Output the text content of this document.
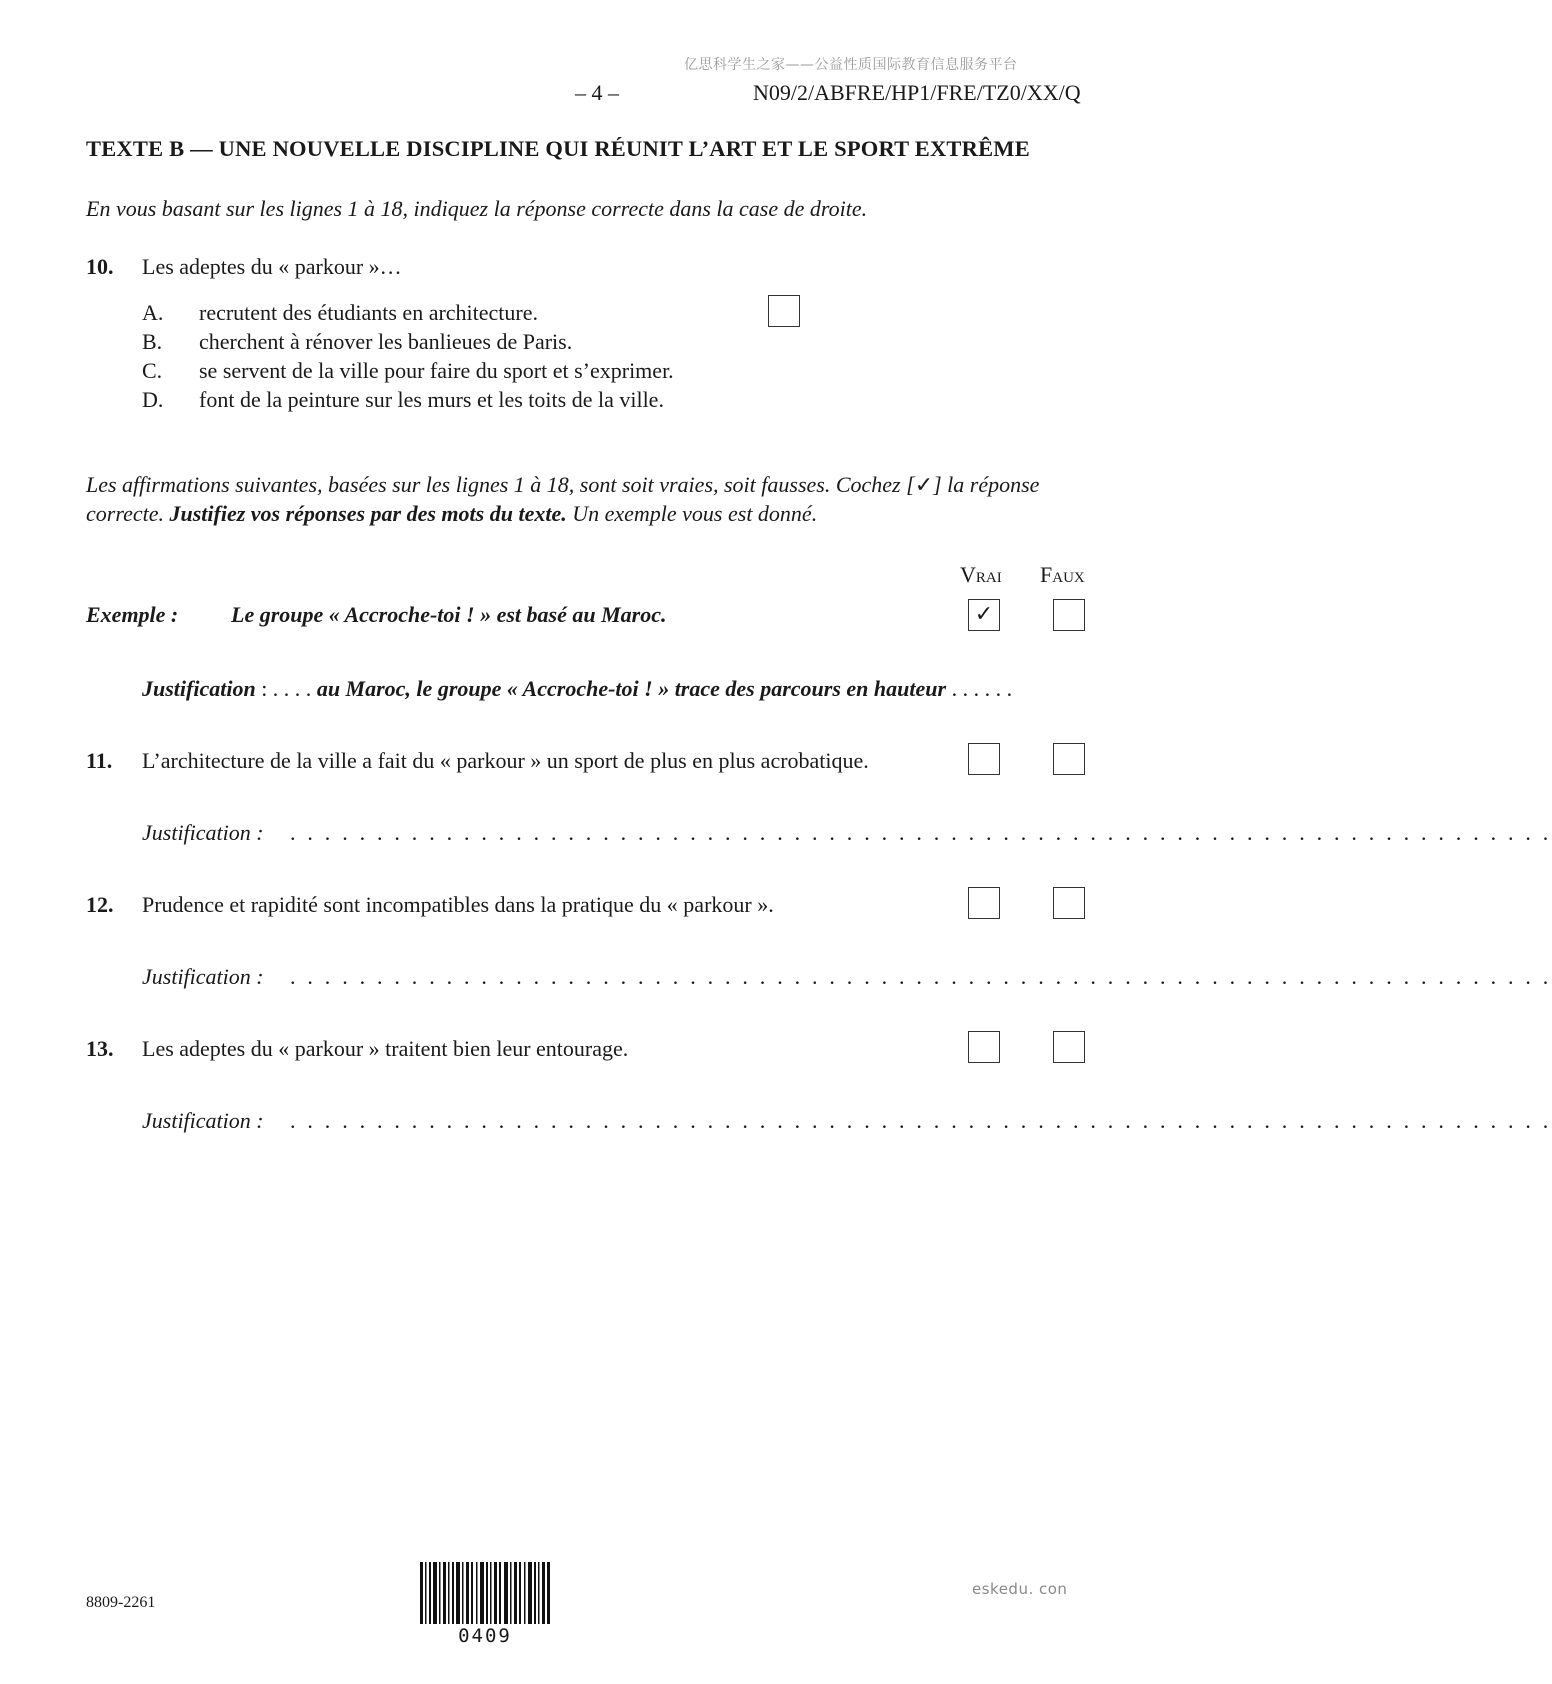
亿思科学生之家——公益性质国际教育信息服务平台
– 4 –	N09/2/ABFRE/HP1/FRE/TZ0/XX/Q
TEXTE B — UNE NOUVELLE DISCIPLINE QUI RÉUNIT L’ART ET LE SPORT EXTRÊME
En vous basant sur les lignes 1 à 18, indiquez la réponse correcte dans la case de droite.
10. Les adeptes du « parkour »…
A. recrutent des étudiants en architecture.
B. cherchent à rénover les banlieues de Paris.
C. se servent de la ville pour faire du sport et s’exprimer.
D. font de la peinture sur les murs et les toits de la ville.
Les affirmations suivantes, basées sur les lignes 1 à 18, sont soit vraies, soit fausses. Cochez [✓] la réponse correcte. Justifiez vos réponses par des mots du texte. Un exemple vous est donné.
Vrai Faux
Exemple : Le groupe « Accroche-toi ! » est basé au Maroc.	✓
Justification : . . . . au Maroc, le groupe « Accroche-toi ! » trace des parcours en hauteur . . . . . .
11. L’architecture de la ville a fait du « parkour » un sport de plus en plus acrobatique.
Justification : . . . . . . . . . . . . . . . . . . . . . . . . . . . . . . . . . . . . . . . . . . . . . . . . . . . . . . . . . . . . . . . . . . . . . . . . .
12. Prudence et rapidité sont incompatibles dans la pratique du « parkour ».
Justification : . . . . . . . . . . . . . . . . . . . . . . . . . . . . . . . . . . . . . . . . . . . . . . . . . . . . . . . . . . . . . . . . . . . . . . . . .
13. Les adeptes du « parkour » traitent bien leur entourage.
Justification : . . . . . . . . . . . . . . . . . . . . . . . . . . . . . . . . . . . . . . . . . . . . . . . . . . . . . . . . . . . . . . . . . . . . . . . . .
8809-2261
0409
eskedu. con
